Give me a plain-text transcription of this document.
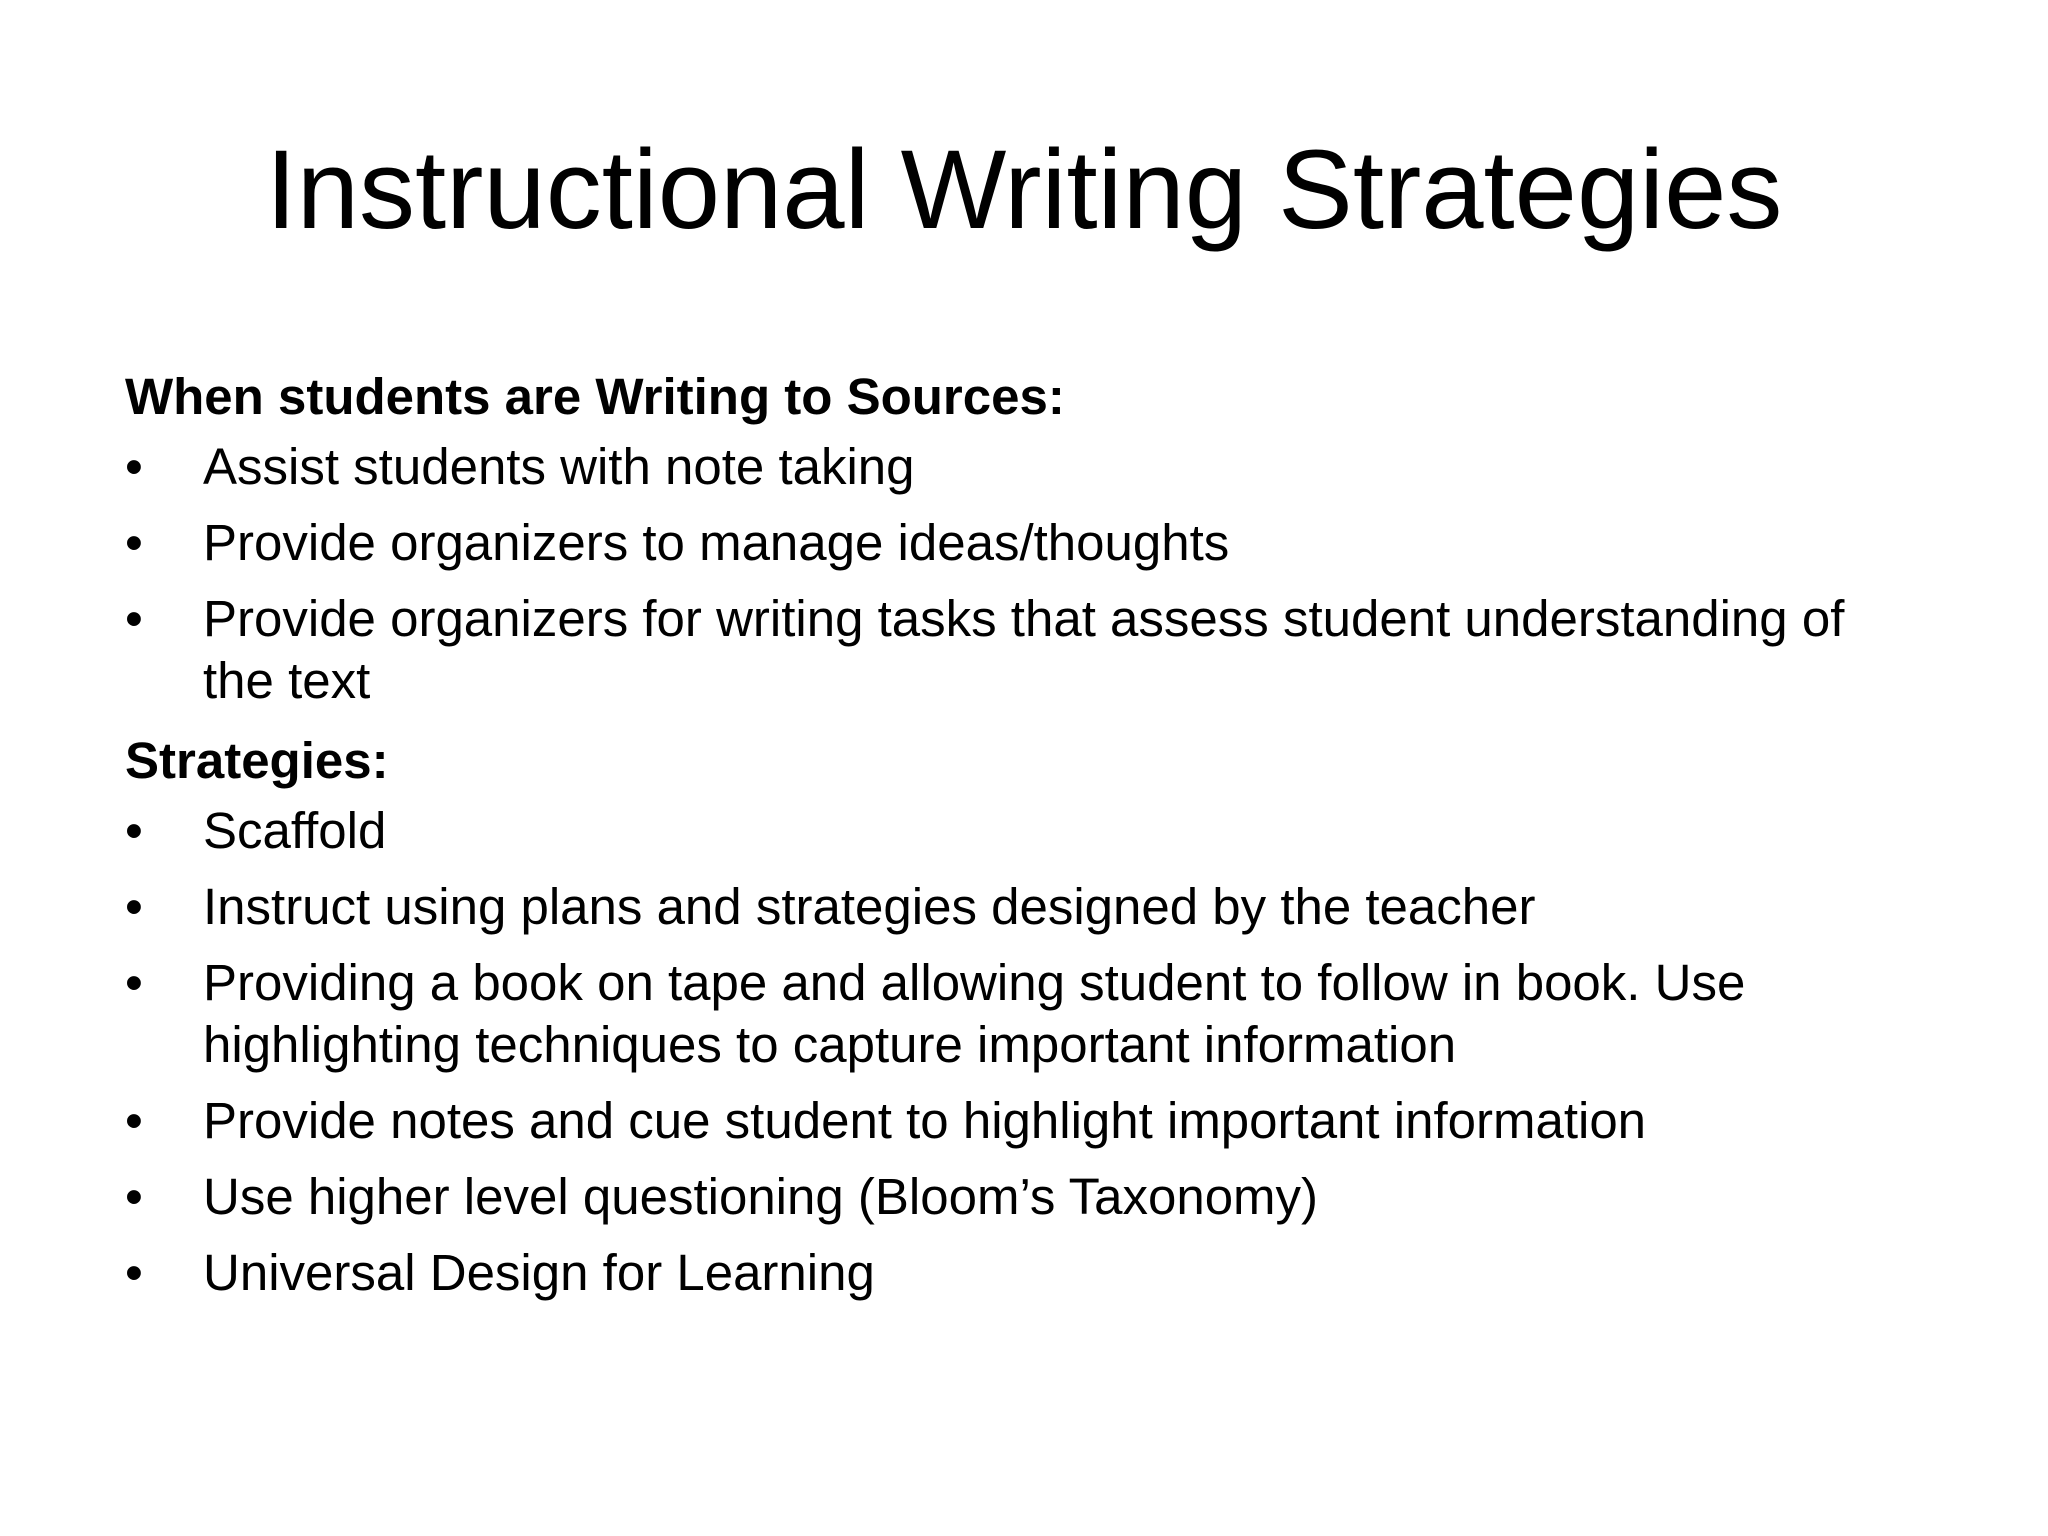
Instructional Writing Strategies
When students are Writing to Sources:
•	Assist students with note taking
•	Provide organizers to manage ideas/thoughts
•	Provide organizers for writing tasks that assess student understanding of the text
Strategies:
•	Scaffold
•	Instruct using plans and strategies designed by the teacher
•	Providing a book on tape and allowing student to follow in book. Use highlighting techniques to capture important information
•	Provide notes and cue student to highlight important information
•	Use higher level questioning (Bloom’s Taxonomy)
•	Universal Design for Learning
